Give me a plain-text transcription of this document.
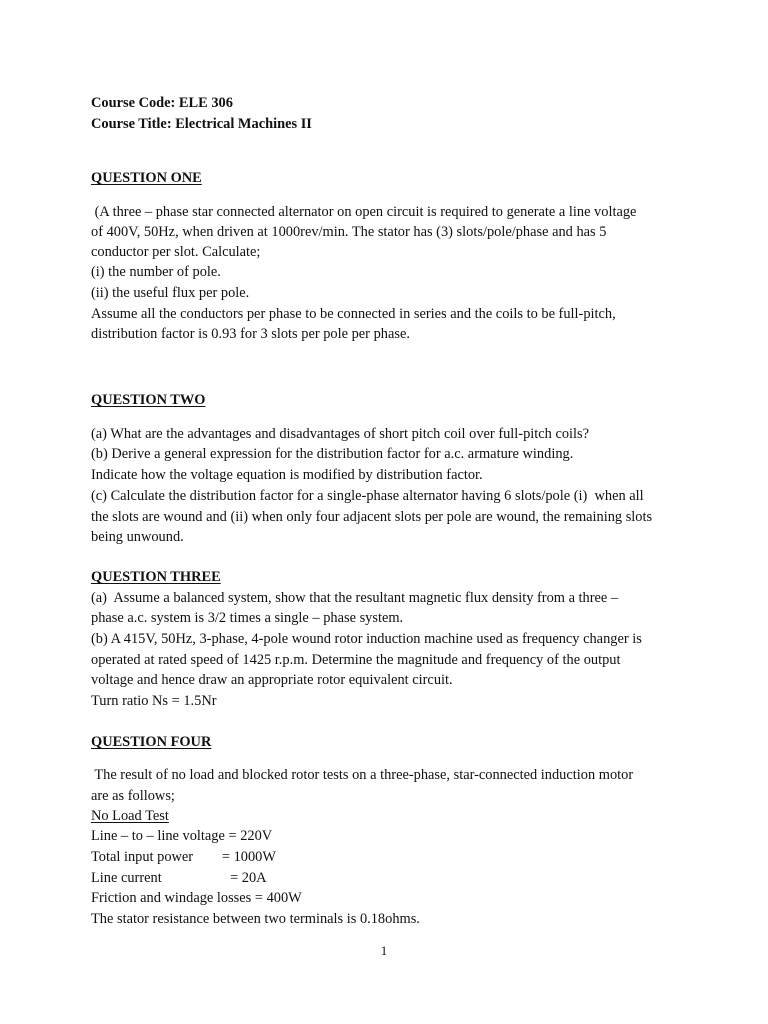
Course Code: ELE 306
Course Title: Electrical Machines II
QUESTION ONE
(A three – phase star connected alternator on open circuit is required to generate a line voltage
of 400V, 50Hz, when driven at 1000rev/min. The stator has (3) slots/pole/phase and has 5
conductor per slot. Calculate;
(i) the number of pole.
(ii) the useful flux per pole.
Assume all the conductors per phase to be connected in series and the coils to be full-pitch,
distribution factor is 0.93 for 3 slots per pole per phase.
QUESTION TWO
(a) What are the advantages and disadvantages of short pitch coil over full-pitch coils?
(b) Derive a general expression for the distribution factor for a.c. armature winding.
Indicate how the voltage equation is modified by distribution factor.
(c) Calculate the distribution factor for a single-phase alternator having 6 slots/pole (i)  when all
the slots are wound and (ii) when only four adjacent slots per pole are wound, the remaining slots
being unwound.
QUESTION THREE
(a)  Assume a balanced system, show that the resultant magnetic flux density from a three –
phase a.c. system is 3/2 times a single – phase system.
(b) A 415V, 50Hz, 3-phase, 4-pole wound rotor induction machine used as frequency changer is
operated at rated speed of 1425 r.p.m. Determine the magnitude and frequency of the output
voltage and hence draw an appropriate rotor equivalent circuit.
Turn ratio Ns = 1.5Nr
QUESTION FOUR
The result of no load and blocked rotor tests on a three-phase, star-connected induction motor
are as follows;
No Load Test
Line – to – line voltage = 220V
Total input power        = 1000W
Line current                   = 20A
Friction and windage losses = 400W
The stator resistance between two terminals is 0.18ohms.
1
